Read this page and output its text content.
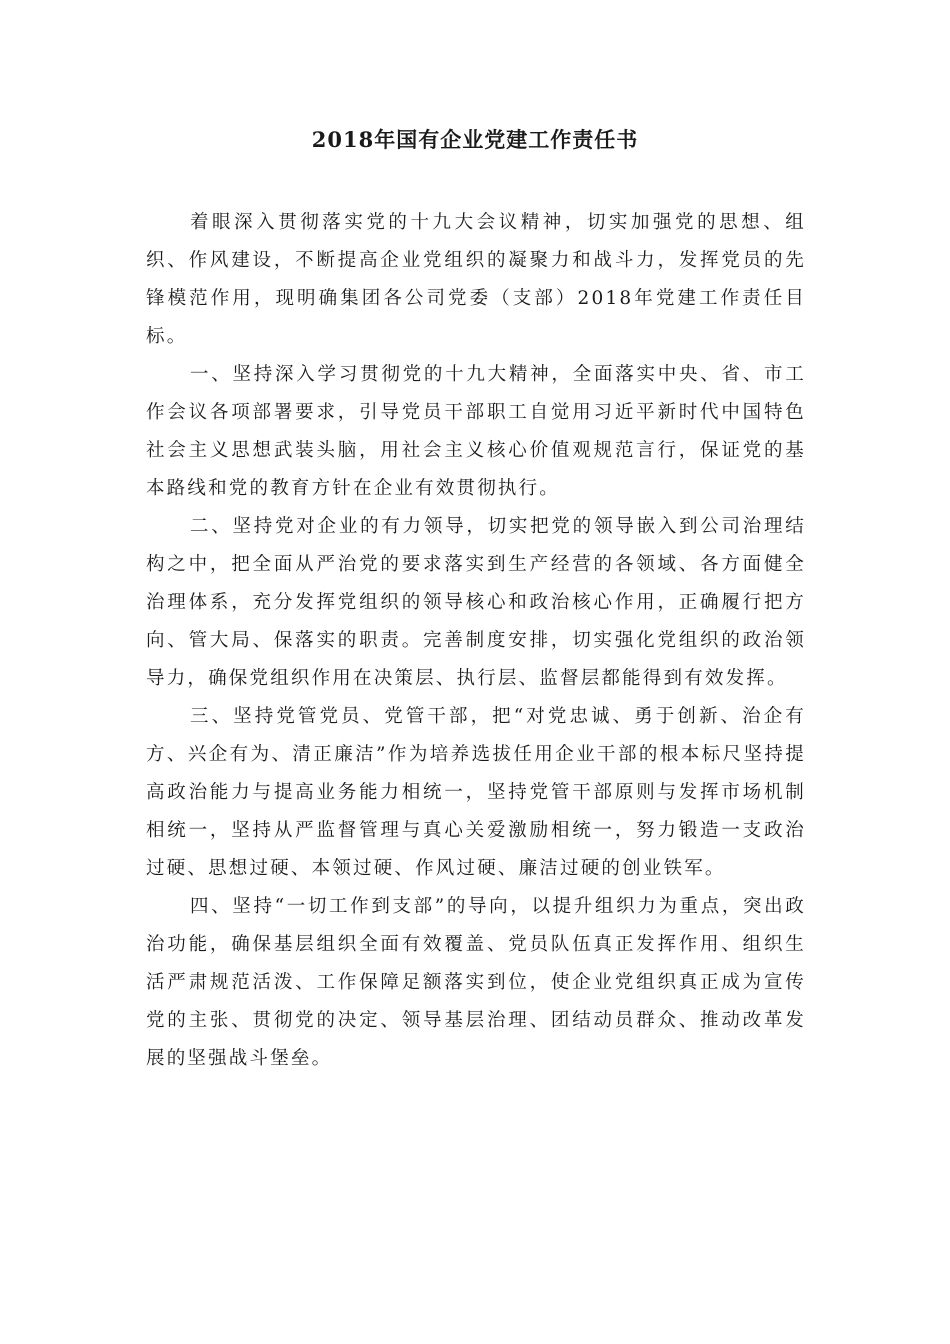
2018年国有企业党建工作责任书

着眼深入贯彻落实党的十九大会议精神，切实加强党的思想、组织、作风建设，不断提高企业党组织的凝聚力和战斗力，发挥党员的先锋模范作用，现明确集团各公司党委（支部）2018年党建工作责任目标。

一、坚持深入学习贯彻党的十九大精神，全面落实中央、省、市工作会议各项部署要求，引导党员干部职工自觉用习近平新时代中国特色社会主义思想武装头脑，用社会主义核心价值观规范言行，保证党的基本路线和党的教育方针在企业有效贯彻执行。

二、坚持党对企业的有力领导，切实把党的领导嵌入到公司治理结构之中，把全面从严治党的要求落实到生产经营的各领域、各方面健全治理体系，充分发挥党组织的领导核心和政治核心作用，正确履行把方向、管大局、保落实的职责。完善制度安排，切实强化党组织的政治领导力，确保党组织作用在决策层、执行层、监督层都能得到有效发挥。

三、坚持党管党员、党管干部，把“对党忠诚、勇于创新、治企有方、兴企有为、清正廉洁”作为培养选拔任用企业干部的根本标尺坚持提高政治能力与提高业务能力相统一，坚持党管干部原则与发挥市场机制相统一，坚持从严监督管理与真心关爱激励相统一，努力锻造一支政治过硬、思想过硬、本领过硬、作风过硬、廉洁过硬的创业铁军。

四、坚持“一切工作到支部”的导向，以提升组织力为重点，突出政治功能，确保基层组织全面有效覆盖、党员队伍真正发挥作用、组织生活严肃规范活泼、工作保障足额落实到位，使企业党组织真正成为宣传党的主张、贯彻党的决定、领导基层治理、团结动员群众、推动改革发展的坚强战斗堡垒。
